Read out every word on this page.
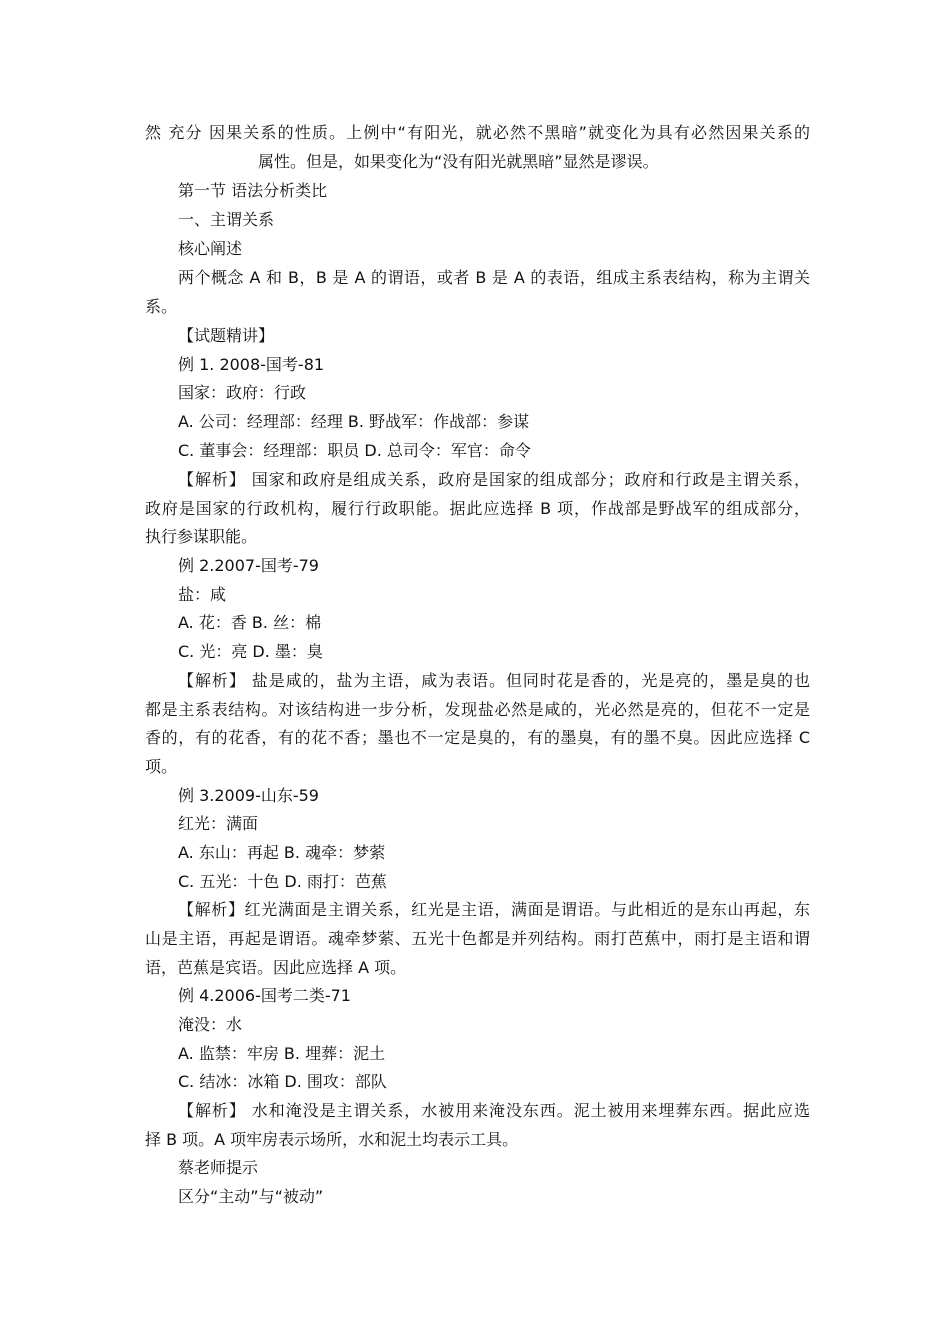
然 充分 因果关系的性质。上例中“有阳光，就必然不黑暗”就变化为具有必然因果关系的
属性。但是，如果变化为“没有阳光就黑暗”显然是谬误。
第一节 语法分析类比
一、主谓关系
核心阐述
两个概念 A 和 B，B 是 A 的谓语，或者 B 是 A 的表语，组成主系表结构，称为主谓关
系。
【试题精讲】
例 1. 2008-国考-81
国家：政府：行政
A. 公司：经理部：经理 B. 野战军：作战部：参谋
C. 董事会：经理部：职员 D. 总司令：军官：命令
【解析】 国家和政府是组成关系，政府是国家的组成部分；政府和行政是主谓关系，
政府是国家的行政机构，履行行政职能。据此应选择 B 项，作战部是野战军的组成部分，
执行参谋职能。
例 2.2007-国考-79
盐：咸
A. 花：香 B. 丝：棉
C. 光：亮 D. 墨：臭
【解析】 盐是咸的，盐为主语，咸为表语。但同时花是香的，光是亮的，墨是臭的也
都是主系表结构。对该结构进一步分析，发现盐必然是咸的，光必然是亮的，但花不一定是
香的，有的花香，有的花不香；墨也不一定是臭的，有的墨臭，有的墨不臭。因此应选择 C
项。
例 3.2009-山东-59
红光：满面
A. 东山：再起 B. 魂牵：梦萦
C. 五光：十色 D. 雨打：芭蕉
【解析】红光满面是主谓关系，红光是主语，满面是谓语。与此相近的是东山再起，东
山是主语，再起是谓语。魂牵梦萦、五光十色都是并列结构。雨打芭蕉中，雨打是主语和谓
语，芭蕉是宾语。因此应选择 A 项。
例 4.2006-国考二类-71
淹没：水
A. 监禁：牢房 B. 埋葬：泥土
C. 结冰：冰箱 D. 围攻：部队
【解析】 水和淹没是主谓关系，水被用来淹没东西。泥土被用来埋葬东西。据此应选
择 B 项。A 项牢房表示场所，水和泥土均表示工具。
蔡老师提示
区分“主动”与“被动”
